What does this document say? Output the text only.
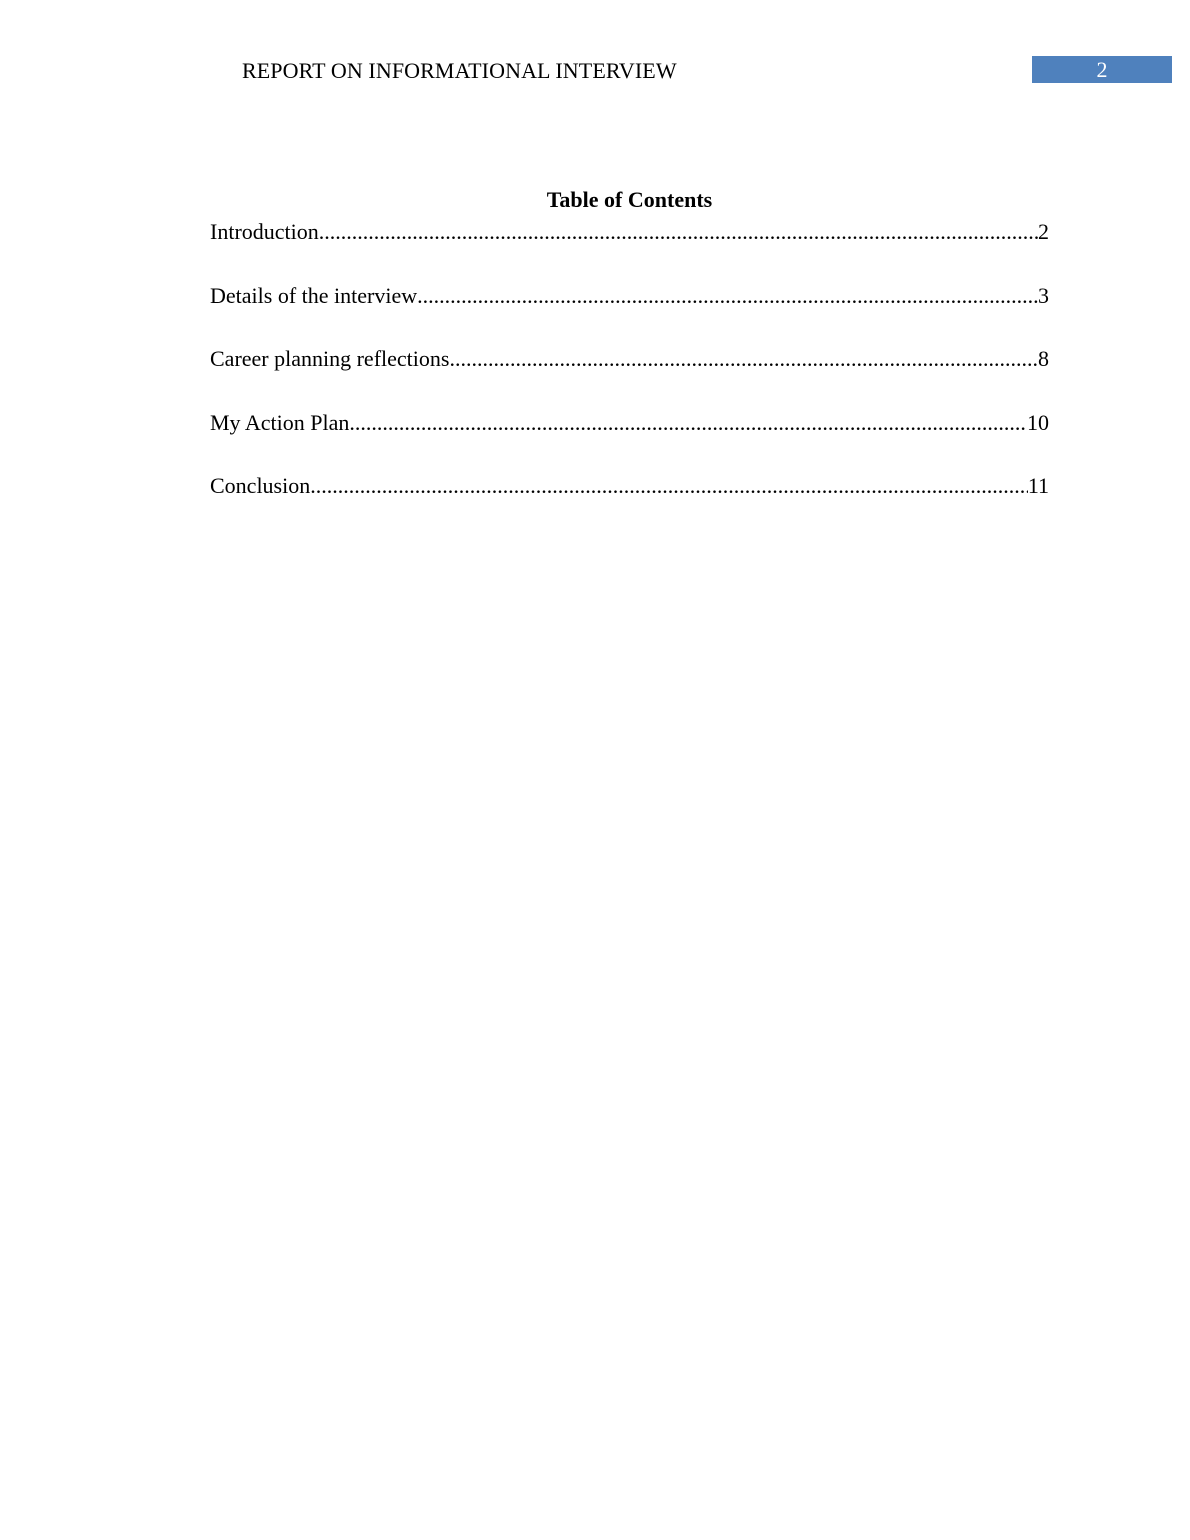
REPORT ON INFORMATIONAL INTERVIEW	2
Table of Contents
Introduction .....	2
Details of the interview .....	3
Career planning reflections .....	8
My Action Plan .....	10
Conclusion .....	11
